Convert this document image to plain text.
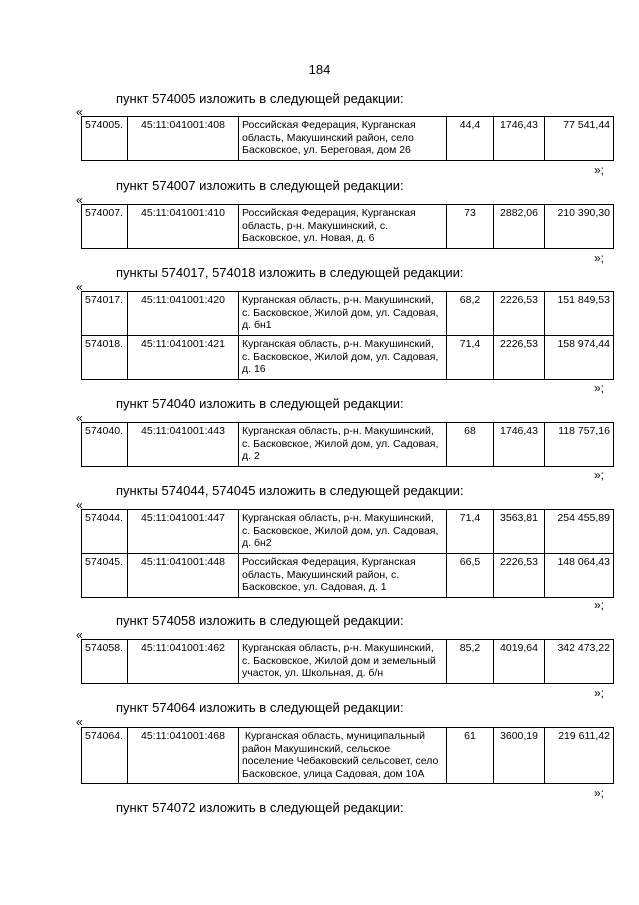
184
пункт 574005 изложить в следующей редакции:
«
574005.	45:11:041001:408	Российская Федерация, Курганская область, Макушинский район, село Басковское, ул. Береговая, дом 26	44,4	1746,43	77 541,44
»;
пункт 574007 изложить в следующей редакции:
«
574007.	45:11:041001:410	Российская Федерация, Курганская область, р-н. Макушинский, с. Басковское, ул. Новая, д. 6	73	2882,06	210 390,30
»;
пункты 574017, 574018 изложить в следующей редакции:
«
574017.	45:11:041001:420	Курганская область, р-н. Макушинский, с. Басковское, Жилой дом, ул. Садовая, д. бн1	68,2	2226,53	151 849,53
574018.	45:11:041001:421	Курганская область, р-н. Макушинский, с. Басковское, Жилой дом, ул. Садовая, д. 16	71,4	2226,53	158 974,44
»;
пункт 574040 изложить в следующей редакции:
«
574040.	45:11:041001:443	Курганская область, р-н. Макушинский, с. Басковское, Жилой дом, ул. Садовая, д. 2	68	1746,43	118 757,16
»;
пункты 574044, 574045 изложить в следующей редакции:
«
574044.	45:11:041001:447	Курганская область, р-н. Макушинский, с. Басковское, Жилой дом, ул. Садовая, д. бн2	71,4	3563,81	254 455,89
574045.	45:11:041001:448	Российская Федерация, Курганская область, Макушинский район, с. Басковское, ул. Садовая, д. 1	66,5	2226,53	148 064,43
»;
пункт 574058 изложить в следующей редакции:
«
574058.	45:11:041001:462	Курганская область, р-н. Макушинский, с. Басковское, Жилой дом и земельный участок, ул. Школьная, д. б/н	85,2	4019,64	342 473,22
»;
пункт 574064 изложить в следующей редакции:
«
574064.	45:11:041001:468	Курганская область, муниципальный район Макушинский, сельское поселение Чебаковский сельсовет, село Басковское, улица Садовая, дом 10А	61	3600,19	219 611,42
»;
пункт 574072 изложить в следующей редакции:
